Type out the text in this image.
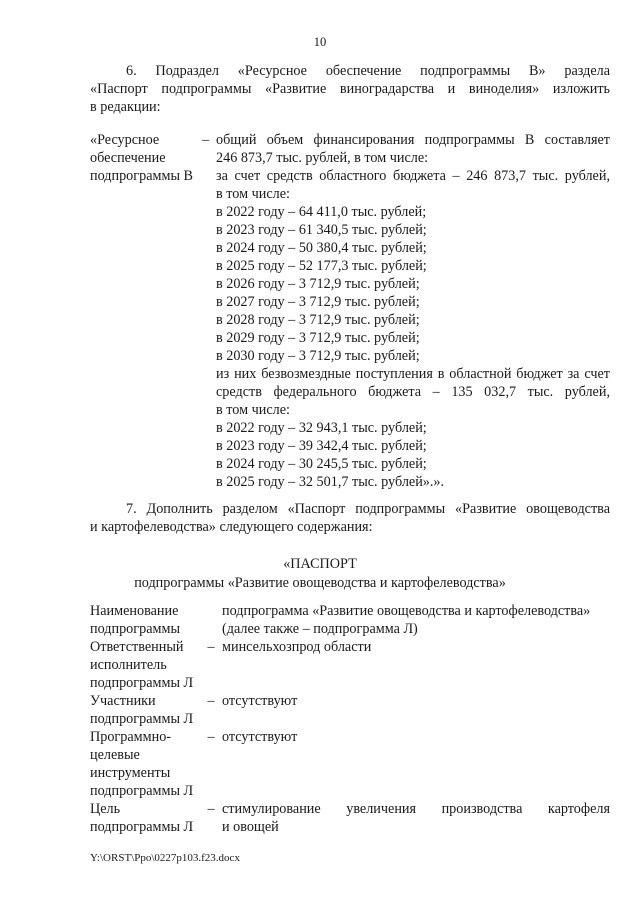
10
6. Подраздел «Ресурсное обеспечение подпрограммы В» раздела
«Паспорт подпрограммы «Развитие виноградарства и виноделия» изложить
в редакции:
«Ресурсное
обеспечение
подпрограммы В
– общий объем финансирования подпрограммы В составляет
246 873,7 тыс. рублей, в том числе:
за счет средств областного бюджета – 246 873,7 тыс. рублей,
в том числе:
в 2022 году – 64 411,0 тыс. рублей;
в 2023 году – 61 340,5 тыс. рублей;
в 2024 году – 50 380,4 тыс. рублей;
в 2025 году – 52 177,3 тыс. рублей;
в 2026 году – 3 712,9 тыс. рублей;
в 2027 году – 3 712,9 тыс. рублей;
в 2028 году – 3 712,9 тыс. рублей;
в 2029 году – 3 712,9 тыс. рублей;
в 2030 году – 3 712,9 тыс. рублей;
из них безвозмездные поступления в областной бюджет за счет
средств федерального бюджета – 135 032,7 тыс. рублей,
в том числе:
в 2022 году – 32 943,1 тыс. рублей;
в 2023 году – 39 342,4 тыс. рублей;
в 2024 году – 30 245,5 тыс. рублей;
в 2025 году – 32 501,7 тыс. рублей».».
7. Дополнить разделом «Паспорт подпрограммы «Развитие овощеводства
и картофелеводства» следующего содержания:
«ПАСПОРТ
подпрограммы «Развитие овощеводства и картофелеводства»
Наименование
подпрограммы
подпрограмма «Развитие овощеводства и картофелеводства»
(далее также – подпрограмма Л)
Ответственный
исполнитель
подпрограммы Л
– минсельхозпрод области
Участники
подпрограммы Л
– отсутствуют
Программно-
целевые
инструменты
подпрограммы Л
– отсутствуют
Цель
подпрограммы Л
– стимулирование увеличения производства картофеля
и овощей
Y:\ORST\Ppo\0227p103.f23.docx
